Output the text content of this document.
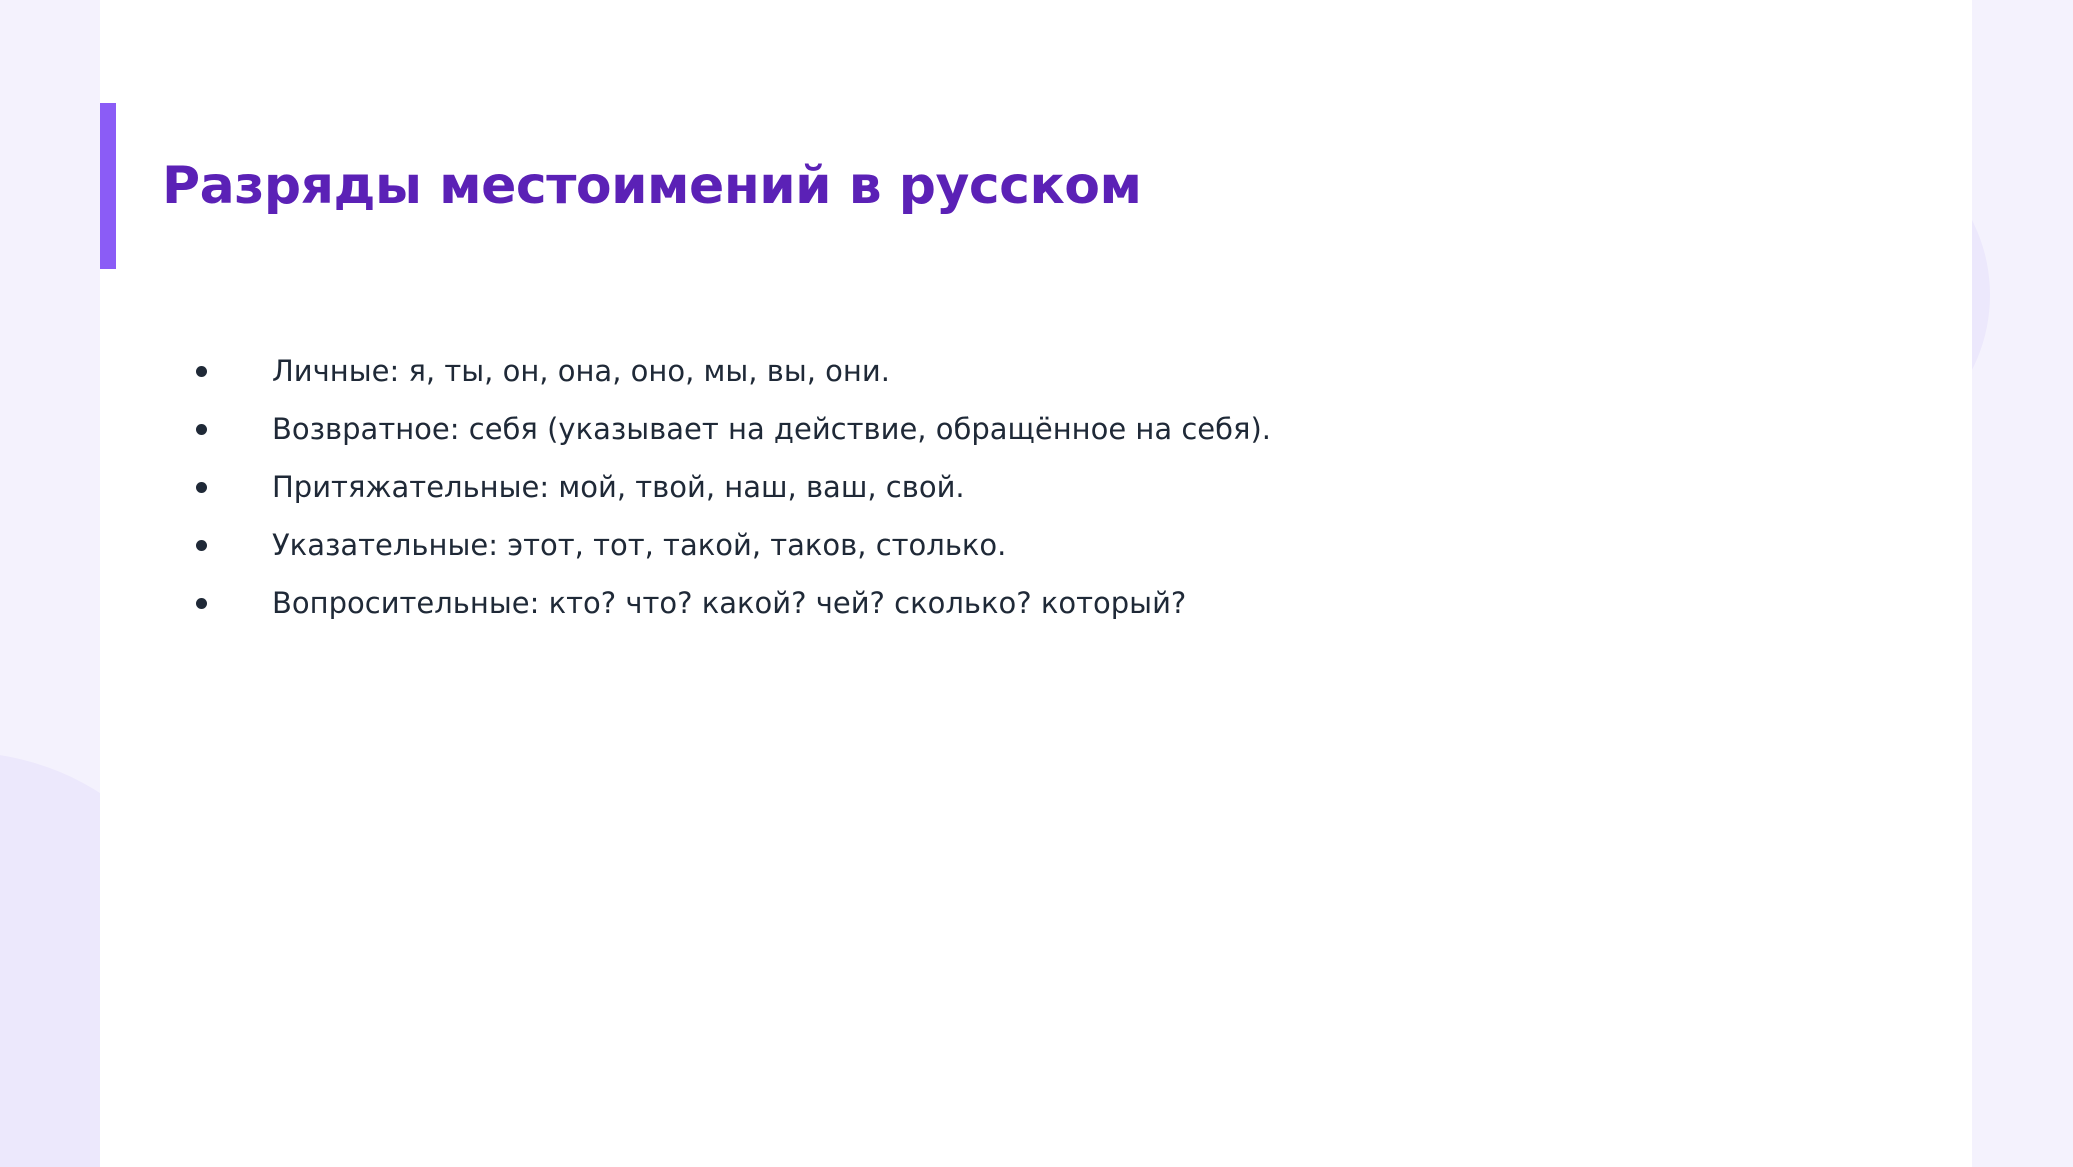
Разряды местоимений в русском
Личные: я, ты, он, она, оно, мы, вы, они.
Возвратное: себя (указывает на действие, обращённое на себя).
Притяжательные: мой, твой, наш, ваш, свой.
Указательные: этот, тот, такой, таков, столько.
Вопросительные: кто? что? какой? чей? сколько? который?
